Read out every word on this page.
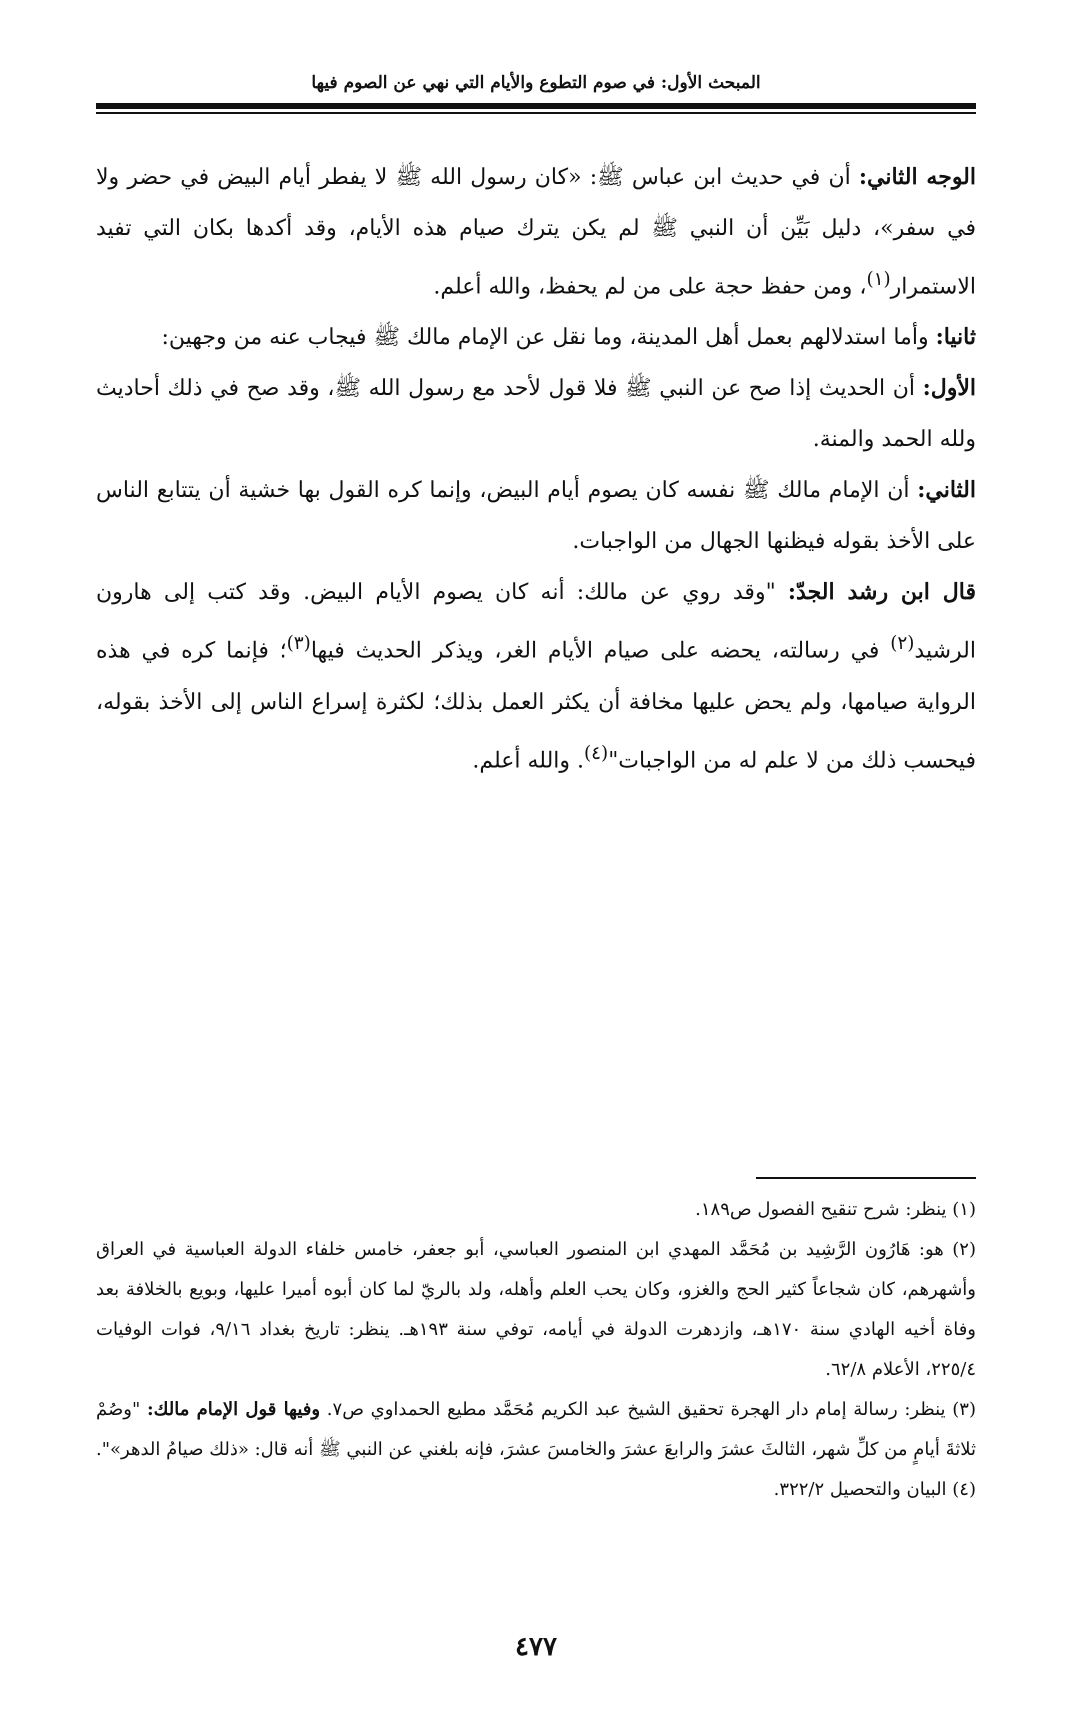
المبحث الأول: في صوم التطوع والأيام التي نهي عن الصوم فيها

الوجه الثاني: أن في حديث ابن عباس ﷺ: «كان رسول الله ﷺ لا يفطر أيام البيض في حضر ولا في سفر»، دليل بَيِّن أن النبي ﷺ لم يكن يترك صيام هذه الأيام، وقد أكدها بكان التي تفيد الاستمرار$^{(١)}$، ومن حفظ حجة على من لم يحفظ، والله أعلم.

ثانيا: وأما استدلالهم بعمل أهل المدينة، وما نقل عن الإمام مالك ﷺ فيجاب عنه من وجهين:

الأول: أن الحديث إذا صح عن النبي ﷺ فلا قول لأحد مع رسول الله ﷺ، وقد صح في ذلك أحاديث ولله الحمد والمنة.

الثاني: أن الإمام مالك ﷺ نفسه كان يصوم أيام البيض، وإنما كره القول بها خشية أن يتتابع الناس على الأخذ بقوله فيظنها الجهال من الواجبات.

قال ابن رشد الجدّ: "وقد روي عن مالك: أنه كان يصوم الأيام البيض. وقد كتب إلى هارون الرشيد$^{(٢)}$ في رسالته، يحضه على صيام الأيام الغر، ويذكر الحديث فيها$^{(٣)}$؛ فإنما كره في هذه الرواية صيامها، ولم يحض عليها مخافة أن يكثر العمل بذلك؛ لكثرة إسراع الناس إلى الأخذ بقوله، فيحسب ذلك من لا علم له من الواجبات"$^{(٤)}$. والله أعلم.

(١) ينظر: شرح تنقيح الفصول ص١٨٩.

(٢) هو: هَارُون الرَّشِيد بن مُحَمَّد المهدي ابن المنصور العباسي، أبو جعفر، خامس خلفاء الدولة العباسية في العراق وأشهرهم، كان شجاعاً كثير الحج والغزو، وكان يحب العلم وأهله، ولد بالريّ لما كان أبوه أميرا عليها، وبويع بالخلافة بعد وفاة أخيه الهادي سنة ١٧٠هـ، وازدهرت الدولة في أيامه، توفي سنة ١٩٣هـ. ينظر: تاريخ بغداد ٩/١٦، فوات الوفيات ٢٢٥/٤، الأعلام ٦٢/٨.

(٣) ينظر: رسالة إمام دار الهجرة تحقيق الشيخ عبد الكريم مُحَمَّد مطيع الحمداوي ص٧. وفيها قول الإمام مالك: "وصُمْ ثلاثةَ أيامٍ من كلِّ شهر، الثالثَ عشرَ والرابعَ عشرَ والخامسَ عشرَ، فإنه بلغني عن النبي ﷺ أنه قال: «ذلك صيامُ الدهر»".

(٤) البيان والتحصيل ٣٢٢/٢.

٤٧٧
